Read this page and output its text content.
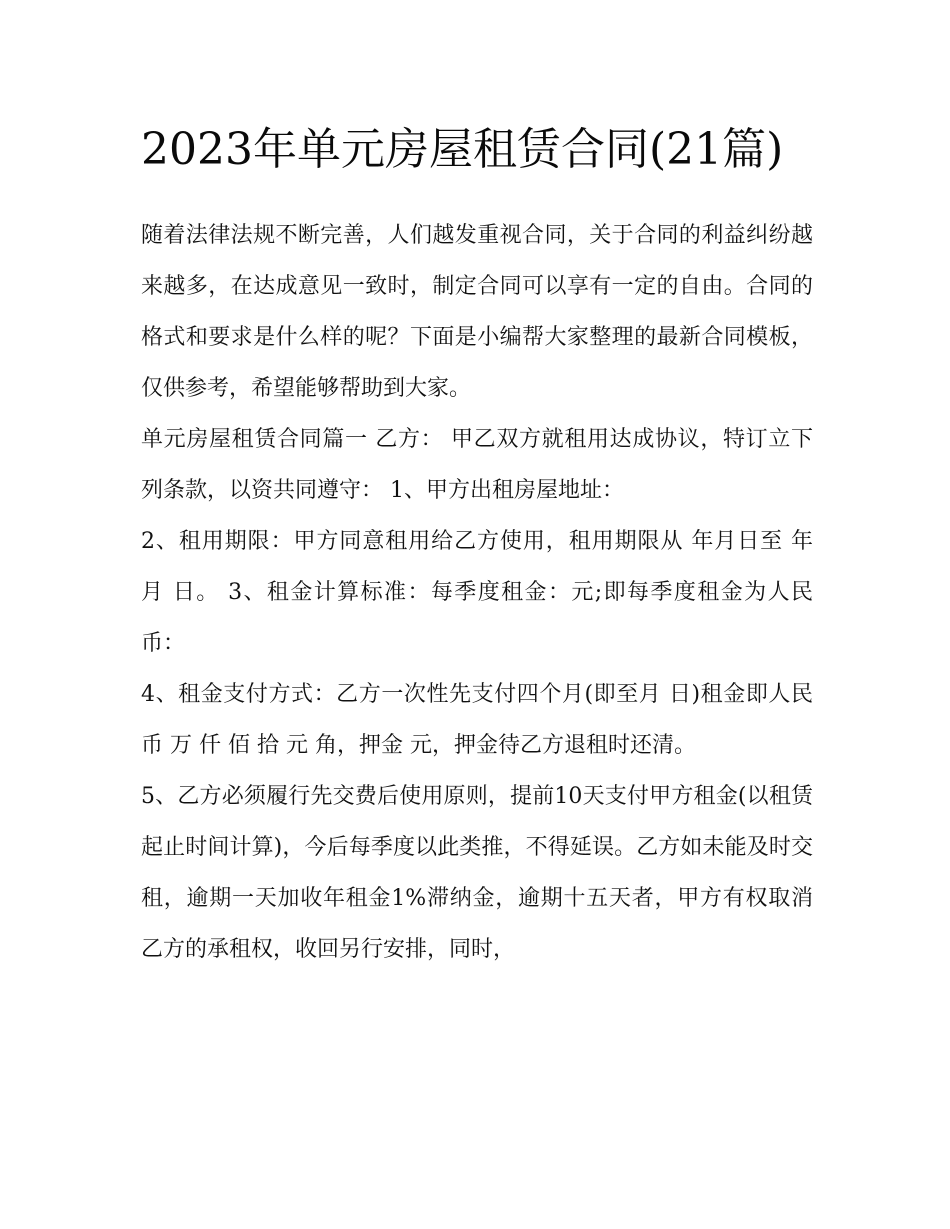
2023年单元房屋租赁合同(21篇)

随着法律法规不断完善，人们越发重视合同，关于合同的利益纠纷越来越多，在达成意见一致时，制定合同可以享有一定的自由。合同的格式和要求是什么样的呢？下面是小编帮大家整理的最新合同模板，仅供参考，希望能够帮助到大家。

单元房屋租赁合同篇一 乙方： 甲乙双方就租用达成协议，特订立下列条款，以资共同遵守： 1、甲方出租房屋地址：

2、租用期限：甲方同意租用给乙方使用，租用期限从 年月日至 年 月 日。 3、租金计算标准：每季度租金：元;即每季度租金为人民币：

4、租金支付方式：乙方一次性先支付四个月(即至月 日)租金即人民币 万 仟 佰 拾 元 角，押金 元，押金待乙方退租时还清。

5、乙方必须履行先交费后使用原则，提前10天支付甲方租金(以租赁起止时间计算)，今后每季度以此类推，不得延误。乙方如未能及时交租，逾期一天加收年租金1%滞纳金，逾期十五天者，甲方有权取消乙方的承租权，收回另行安排，同时，
